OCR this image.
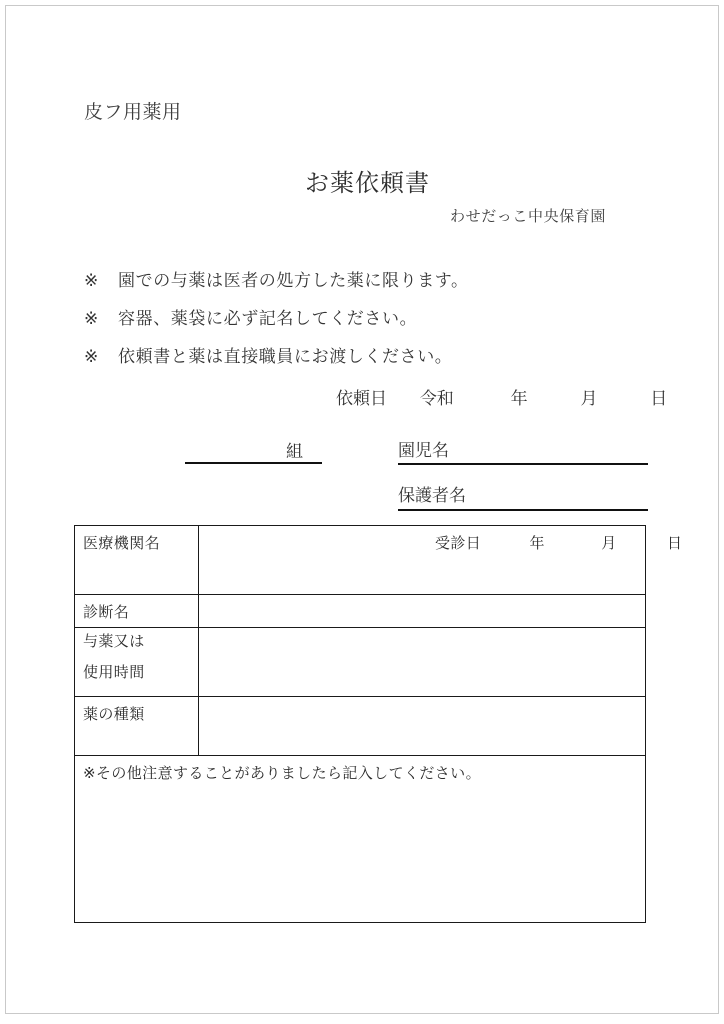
皮フ用薬用
お薬依頼書
わせだっこ中央保育園
※	園での与薬は医者の処方した薬に限ります。
※	容器、薬袋に必ず記名してください。
※	依頼書と薬は直接職員にお渡しください。
依頼日 令和	年	月	日
組	園児名
保護者名
医療機関名	受診日 年 月 日

診断名	

与薬又は
使用時間	

薬の種類	

※その他注意することがありましたら記入してください。	
